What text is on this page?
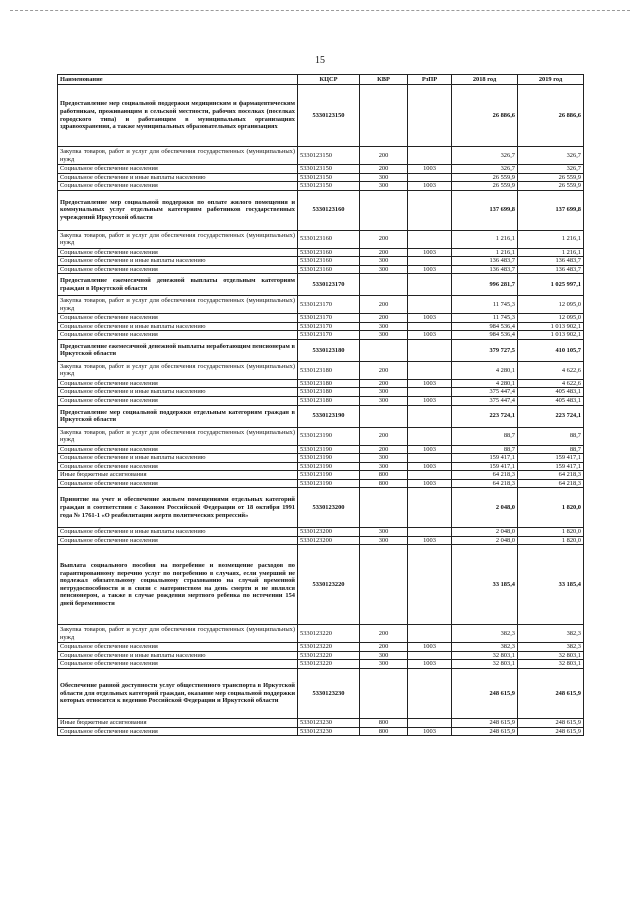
15
Наименование	КЦСР	КВР	РзПР	2018 год	2019 год
Предоставление мер социальной поддержки медицинским и фармацевтическим работникам, проживающим в сельской местности, рабочих поселках (поселках городского типа) и работающим в муниципальных организациях здравоохранения, а также муниципальных образовательных организациях	5330123150			26 886,6	26 886,6
Закупка товаров, работ и услуг для обеспечения государственных (муниципальных) нужд	5330123150	200		326,7	326,7
Социальное обеспечение населения	5330123150	200	1003	326,7	326,7
Социальное обеспечение и иные выплаты населению	5330123150	300		26 559,9	26 559,9
Социальное обеспечение населения	5330123150	300	1003	26 559,9	26 559,9
Предоставление мер социальной поддержки по оплате жилого помещения и коммунальных услуг отдельным категориям работников государственных учреждений Иркутской области	5330123160			137 699,8	137 699,8
Закупка товаров, работ и услуг для обеспечения государственных (муниципальных) нужд	5330123160	200		1 216,1	1 216,1
Социальное обеспечение населения	5330123160	200	1003	1 216,1	1 216,1
Социальное обеспечение и иные выплаты населению	5330123160	300		136 483,7	136 483,7
Социальное обеспечение населения	5330123160	300	1003	136 483,7	136 483,7
Предоставление ежемесячной денежной выплаты отдельным категориям граждан в Иркутской области	5330123170			996 281,7	1 025 997,1
Закупка товаров, работ и услуг для обеспечения государственных (муниципальных) нужд	5330123170	200		11 745,3	12 095,0
Социальное обеспечение населения	5330123170	200	1003	11 745,3	12 095,0
Социальное обеспечение и иные выплаты населению	5330123170	300		984 536,4	1 013 902,1
Социальное обеспечение населения	5330123170	300	1003	984 536,4	1 013 902,1
Предоставление ежемесячной денежной выплаты неработающим пенсионерам в Иркутской области	5330123180			379 727,5	410 105,7
Закупка товаров, работ и услуг для обеспечения государственных (муниципальных) нужд	5330123180	200		4 280,1	4 622,6
Социальное обеспечение населения	5330123180	200	1003	4 280,1	4 622,6
Социальное обеспечение и иные выплаты населению	5330123180	300		375 447,4	405 483,1
Социальное обеспечение населения	5330123180	300	1003	375 447,4	405 483,1
Предоставление мер социальной поддержки отдельным категориям граждан в Иркутской области	5330123190			223 724,1	223 724,1
Закупка товаров, работ и услуг для обеспечения государственных (муниципальных) нужд	5330123190	200		88,7	88,7
Социальное обеспечение населения	5330123190	200	1003	88,7	88,7
Социальное обеспечение и иные выплаты населению	5330123190	300		159 417,1	159 417,1
Социальное обеспечение населения	5330123190	300	1003	159 417,1	159 417,1
Иные бюджетные ассигнования	5330123190	800		64 218,3	64 218,3
Социальное обеспечение населения	5330123190	800	1003	64 218,3	64 218,3
Принятие на учет и обеспечение жильем помещениями отдельных категорий граждан в соответствии с Законом Российской Федерации от 18 октября 1991 года № 1761-1 «О реабилитации жертв политических репрессий»	5330123200			2 048,0	1 820,0
Социальное обеспечение и иные выплаты населению	5330123200	300		2 048,0	1 820,0
Социальное обеспечение населения	5330123200	300	1003	2 048,0	1 820,0
Выплата социального пособия на погребение и возмещение расходов по гарантированному перечню услуг по погребению в случаях, если умерший не подлежал обязательному социальному страхованию на случай временной нетрудоспособности и в связи с материнством на день смерти и не являлся пенсионером, а также в случае рождения мертвого ребенка по истечении 154 дней беременности	5330123220			33 185,4	33 185,4
Закупка товаров, работ и услуг для обеспечения государственных (муниципальных) нужд	5330123220	200		382,3	382,3
Социальное обеспечение населения	5330123220	200	1003	382,3	382,3
Социальное обеспечение и иные выплаты населению	5330123220	300		32 803,1	32 803,1
Социальное обеспечение населения	5330123220	300	1003	32 803,1	32 803,1
Обеспечение равной доступности услуг общественного транспорта в Иркутской области для отдельных категорий граждан, оказание мер социальной поддержки которых относится к ведению Российской Федерации и Иркутской области	5330123230			248 615,9	248 615,9
Иные бюджетные ассигнования	5330123230	800		248 615,9	248 615,9
Социальное обеспечение населения	5330123230	800	1003	248 615,9	248 615,9
